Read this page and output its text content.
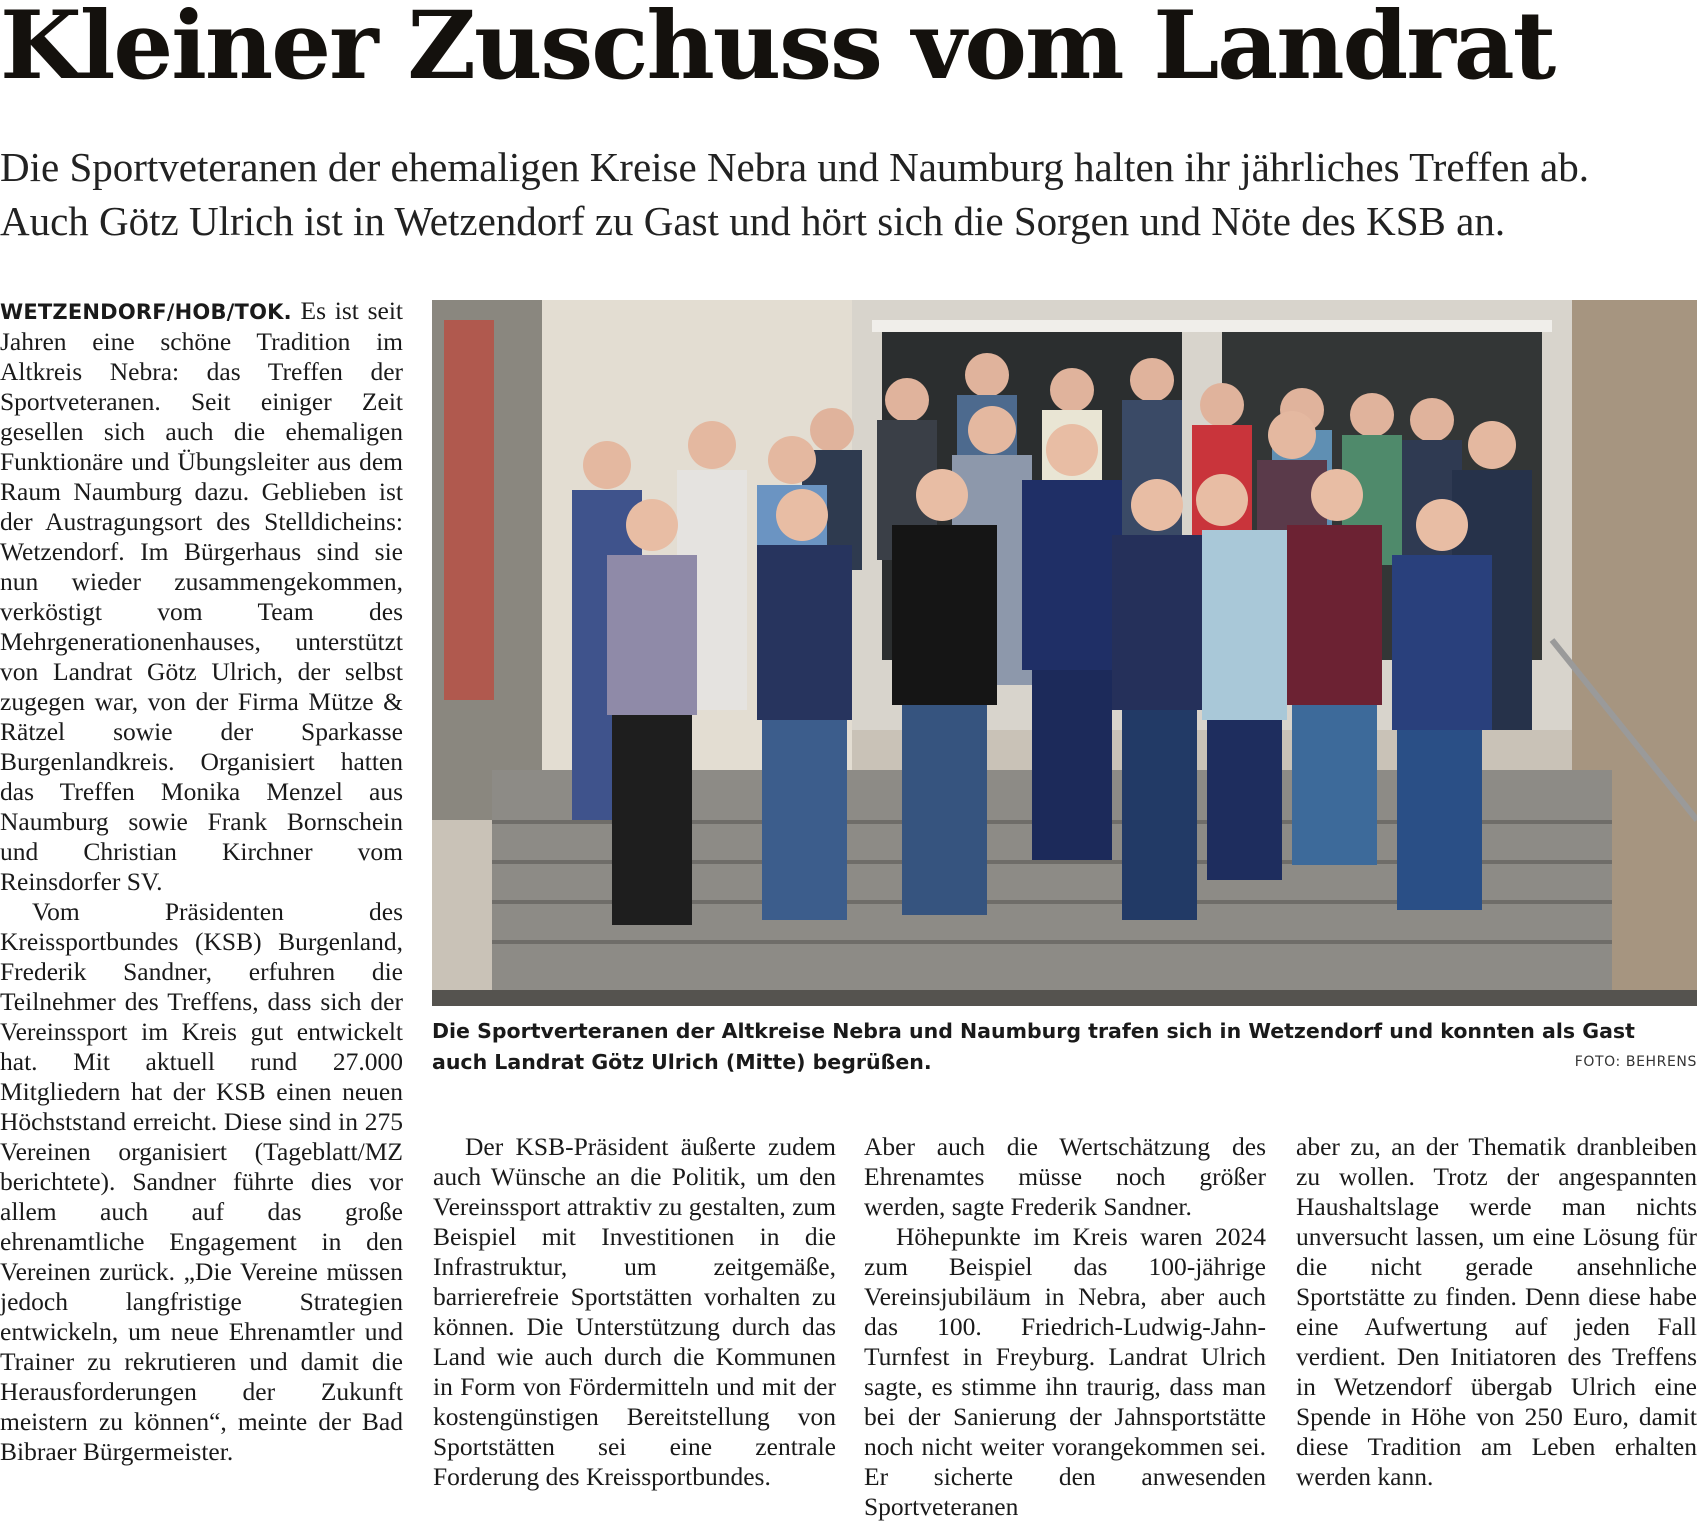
Kleiner Zuschuss vom Landrat
Die Sportveteranen der ehemaligen Kreise Nebra und Naumburg halten ihr jährliches Treffen ab.
Auch Götz Ulrich ist in Wetzendorf zu Gast und hört sich die Sorgen und Nöte des KSB an.

WETZENDORF/HOB/TOK. Es ist seit Jahren eine schöne Tradition im Altkreis Nebra: das Treffen der Sportveteranen. Seit einiger Zeit gesellen sich auch die ehemaligen Funktionäre und Übungsleiter aus dem Raum Naumburg dazu. Geblieben ist der Austragungsort des Stelldicheins: Wetzendorf. Im Bürgerhaus sind sie nun wieder zusammengekommen, verköstigt vom Team des Mehrgenerationenhauses, unterstützt von Landrat Götz Ulrich, der selbst zugegen war, von der Firma Mütze & Rätzel sowie der Sparkasse Burgenlandkreis. Organisiert hatten das Treffen Monika Menzel aus Naumburg sowie Frank Bornschein und Christian Kirchner vom Reinsdorfer SV.

Vom Präsidenten des Kreissportbundes (KSB) Burgenland, Frederik Sandner, erfuhren die Teilnehmer des Treffens, dass sich der Vereinssport im Kreis gut entwickelt hat. Mit aktuell rund 27.000 Mitgliedern hat der KSB einen neuen Höchststand erreicht. Diese sind in 275 Vereinen organisiert (Tageblatt/MZ berichtete). Sandner führte dies vor allem auch auf das große ehrenamtliche Engagement in den Vereinen zurück. „Die Vereine müssen jedoch langfristige Strategien entwickeln, um neue Ehrenamtler und Trainer zu rekrutieren und damit die Herausforderungen der Zukunft meistern zu können“, meinte der Bad Bibraer Bürgermeister.

Die Sportverteranen der Altkreise Nebra und Naumburg trafen sich in Wetzendorf und konnten als Gast auch Landrat Götz Ulrich (Mitte) begrüßen.	FOTO: BEHRENS

Der KSB-Präsident äußerte zudem auch Wünsche an die Politik, um den Vereinssport attraktiv zu gestalten, zum Beispiel mit Investitionen in die Infrastruktur, um zeitgemäße, barrierefreie Sportstätten vorhalten zu können. Die Unterstützung durch das Land wie auch durch die Kommunen in Form von Fördermitteln und mit der kostengünstigen Bereitstellung von Sportstätten sei eine zentrale Forderung des Kreissportbundes.

Aber auch die Wertschätzung des Ehrenamtes müsse noch größer werden, sagte Frederik Sandner.

Höhepunkte im Kreis waren 2024 zum Beispiel das 100-jährige Vereinsjubiläum in Nebra, aber auch das 100. Friedrich-Ludwig-Jahn-Turnfest in Freyburg. Landrat Ulrich sagte, es stimme ihn traurig, dass man bei der Sanierung der Jahnsportstätte noch nicht weiter vorangekommen sei. Er sicherte den anwesenden Sportveteranen

aber zu, an der Thematik dranbleiben zu wollen. Trotz der angespannten Haushaltslage werde man nichts unversucht lassen, um eine Lösung für die nicht gerade ansehnliche Sportstätte zu finden. Denn diese habe eine Aufwertung auf jeden Fall verdient. Den Initiatoren des Treffens in Wetzendorf übergab Ulrich eine Spende in Höhe von 250 Euro, damit diese Tradition am Leben erhalten werden kann.
